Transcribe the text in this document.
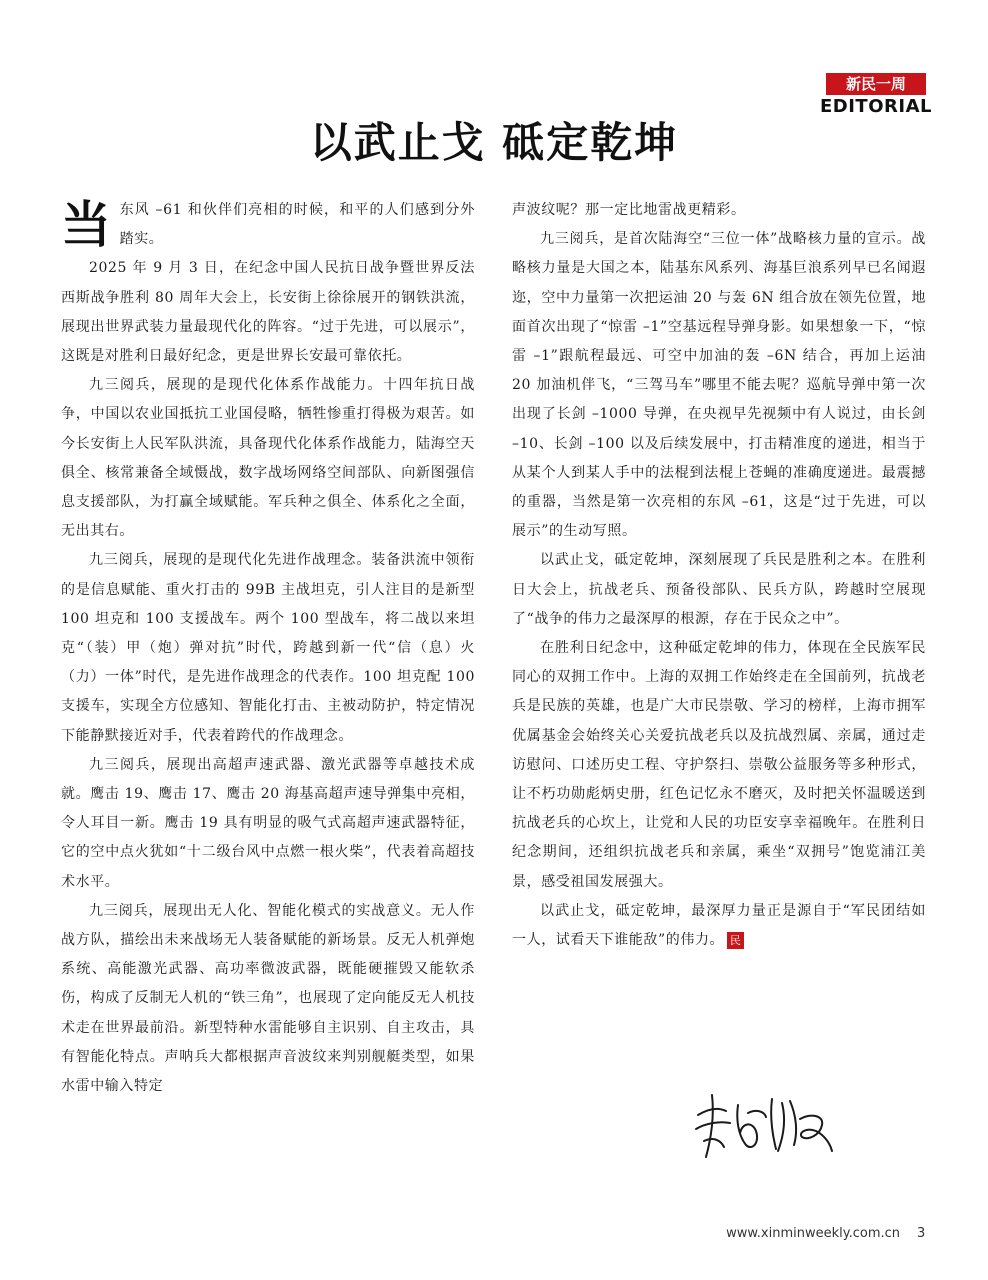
新民一周
EDITORIAL
以武止戈 砥定乾坤

当东风 –61 和伙伴们亮相的时候，和平的人们感到分外踏实。

2025 年 9 月 3 日，在纪念中国人民抗日战争暨世界反法西斯战争胜利 80 周年大会上，长安街上徐徐展开的钢铁洪流，展现出世界武装力量最现代化的阵容。“过于先进，可以展示”，这既是对胜利日最好纪念，更是世界长安最可靠依托。

九三阅兵，展现的是现代化体系作战能力。十四年抗日战争，中国以农业国抵抗工业国侵略，牺牲惨重打得极为艰苦。如今长安街上人民军队洪流，具备现代化体系作战能力，陆海空天俱全、核常兼备全域慑战，数字战场网络空间部队、向新图强信息支援部队，为打赢全域赋能。军兵种之俱全、体系化之全面，无出其右。

九三阅兵，展现的是现代化先进作战理念。装备洪流中领衔的是信息赋能、重火打击的 99B 主战坦克，引人注目的是新型 100 坦克和 100 支援战车。两个 100 型战车，将二战以来坦克“（装）甲（炮）弹对抗”时代，跨越到新一代“信（息）火（力）一体”时代，是先进作战理念的代表作。100 坦克配 100 支援车，实现全方位感知、智能化打击、主被动防护，特定情况下能静默接近对手，代表着跨代的作战理念。

九三阅兵，展现出高超声速武器、激光武器等卓越技术成就。鹰击 19、鹰击 17、鹰击 20 海基高超声速导弹集中亮相，令人耳目一新。鹰击 19 具有明显的吸气式高超声速武器特征，它的空中点火犹如“十二级台风中点燃一根火柴”，代表着高超技术水平。

九三阅兵，展现出无人化、智能化模式的实战意义。无人作战方队，描绘出未来战场无人装备赋能的新场景。反无人机弹炮系统、高能激光武器、高功率微波武器，既能硬摧毁又能软杀伤，构成了反制无人机的“铁三角”，也展现了定向能反无人机技术走在世界最前沿。新型特种水雷能够自主识别、自主攻击，具有智能化特点。声呐兵大都根据声音波纹来判别舰艇类型，如果水雷中输入特定

声波纹呢？那一定比地雷战更精彩。

九三阅兵，是首次陆海空“三位一体”战略核力量的宣示。战略核力量是大国之本，陆基东风系列、海基巨浪系列早已名闻遐迩，空中力量第一次把运油 20 与轰 6N 组合放在领先位置，地面首次出现了“惊雷 –1”空基远程导弹身影。如果想象一下，“惊雷 –1”跟航程最远、可空中加油的轰 –6N 结合，再加上运油 20 加油机伴飞，“三驾马车”哪里不能去呢？巡航导弹中第一次出现了长剑 –1000 导弹，在央视早先视频中有人说过，由长剑 –10、长剑 –100 以及后续发展中，打击精准度的递进，相当于从某个人到某人手中的法棍到法棍上苍蝇的准确度递进。最震撼的重器，当然是第一次亮相的东风 –61，这是“过于先进，可以展示”的生动写照。

以武止戈，砥定乾坤，深刻展现了兵民是胜利之本。在胜利日大会上，抗战老兵、预备役部队、民兵方队，跨越时空展现了“战争的伟力之最深厚的根源，存在于民众之中”。

在胜利日纪念中，这种砥定乾坤的伟力，体现在全民族军民同心的双拥工作中。上海的双拥工作始终走在全国前列，抗战老兵是民族的英雄，也是广大市民崇敬、学习的榜样，上海市拥军优属基金会始终关心关爱抗战老兵以及抗战烈属、亲属，通过走访慰问、口述历史工程、守护祭扫、崇敬公益服务等多种形式，让不朽功勋彪炳史册，红色记忆永不磨灭，及时把关怀温暖送到抗战老兵的心坎上，让党和人民的功臣安享幸福晚年。在胜利日纪念期间，还组织抗战老兵和亲属，乘坐“双拥号”饱览浦江美景，感受祖国发展强大。

以武止戈，砥定乾坤，最深厚力量正是源自于“军民团结如一人，试看天下谁能敌”的伟力。 民

www.xinminweekly.com.cn 3
